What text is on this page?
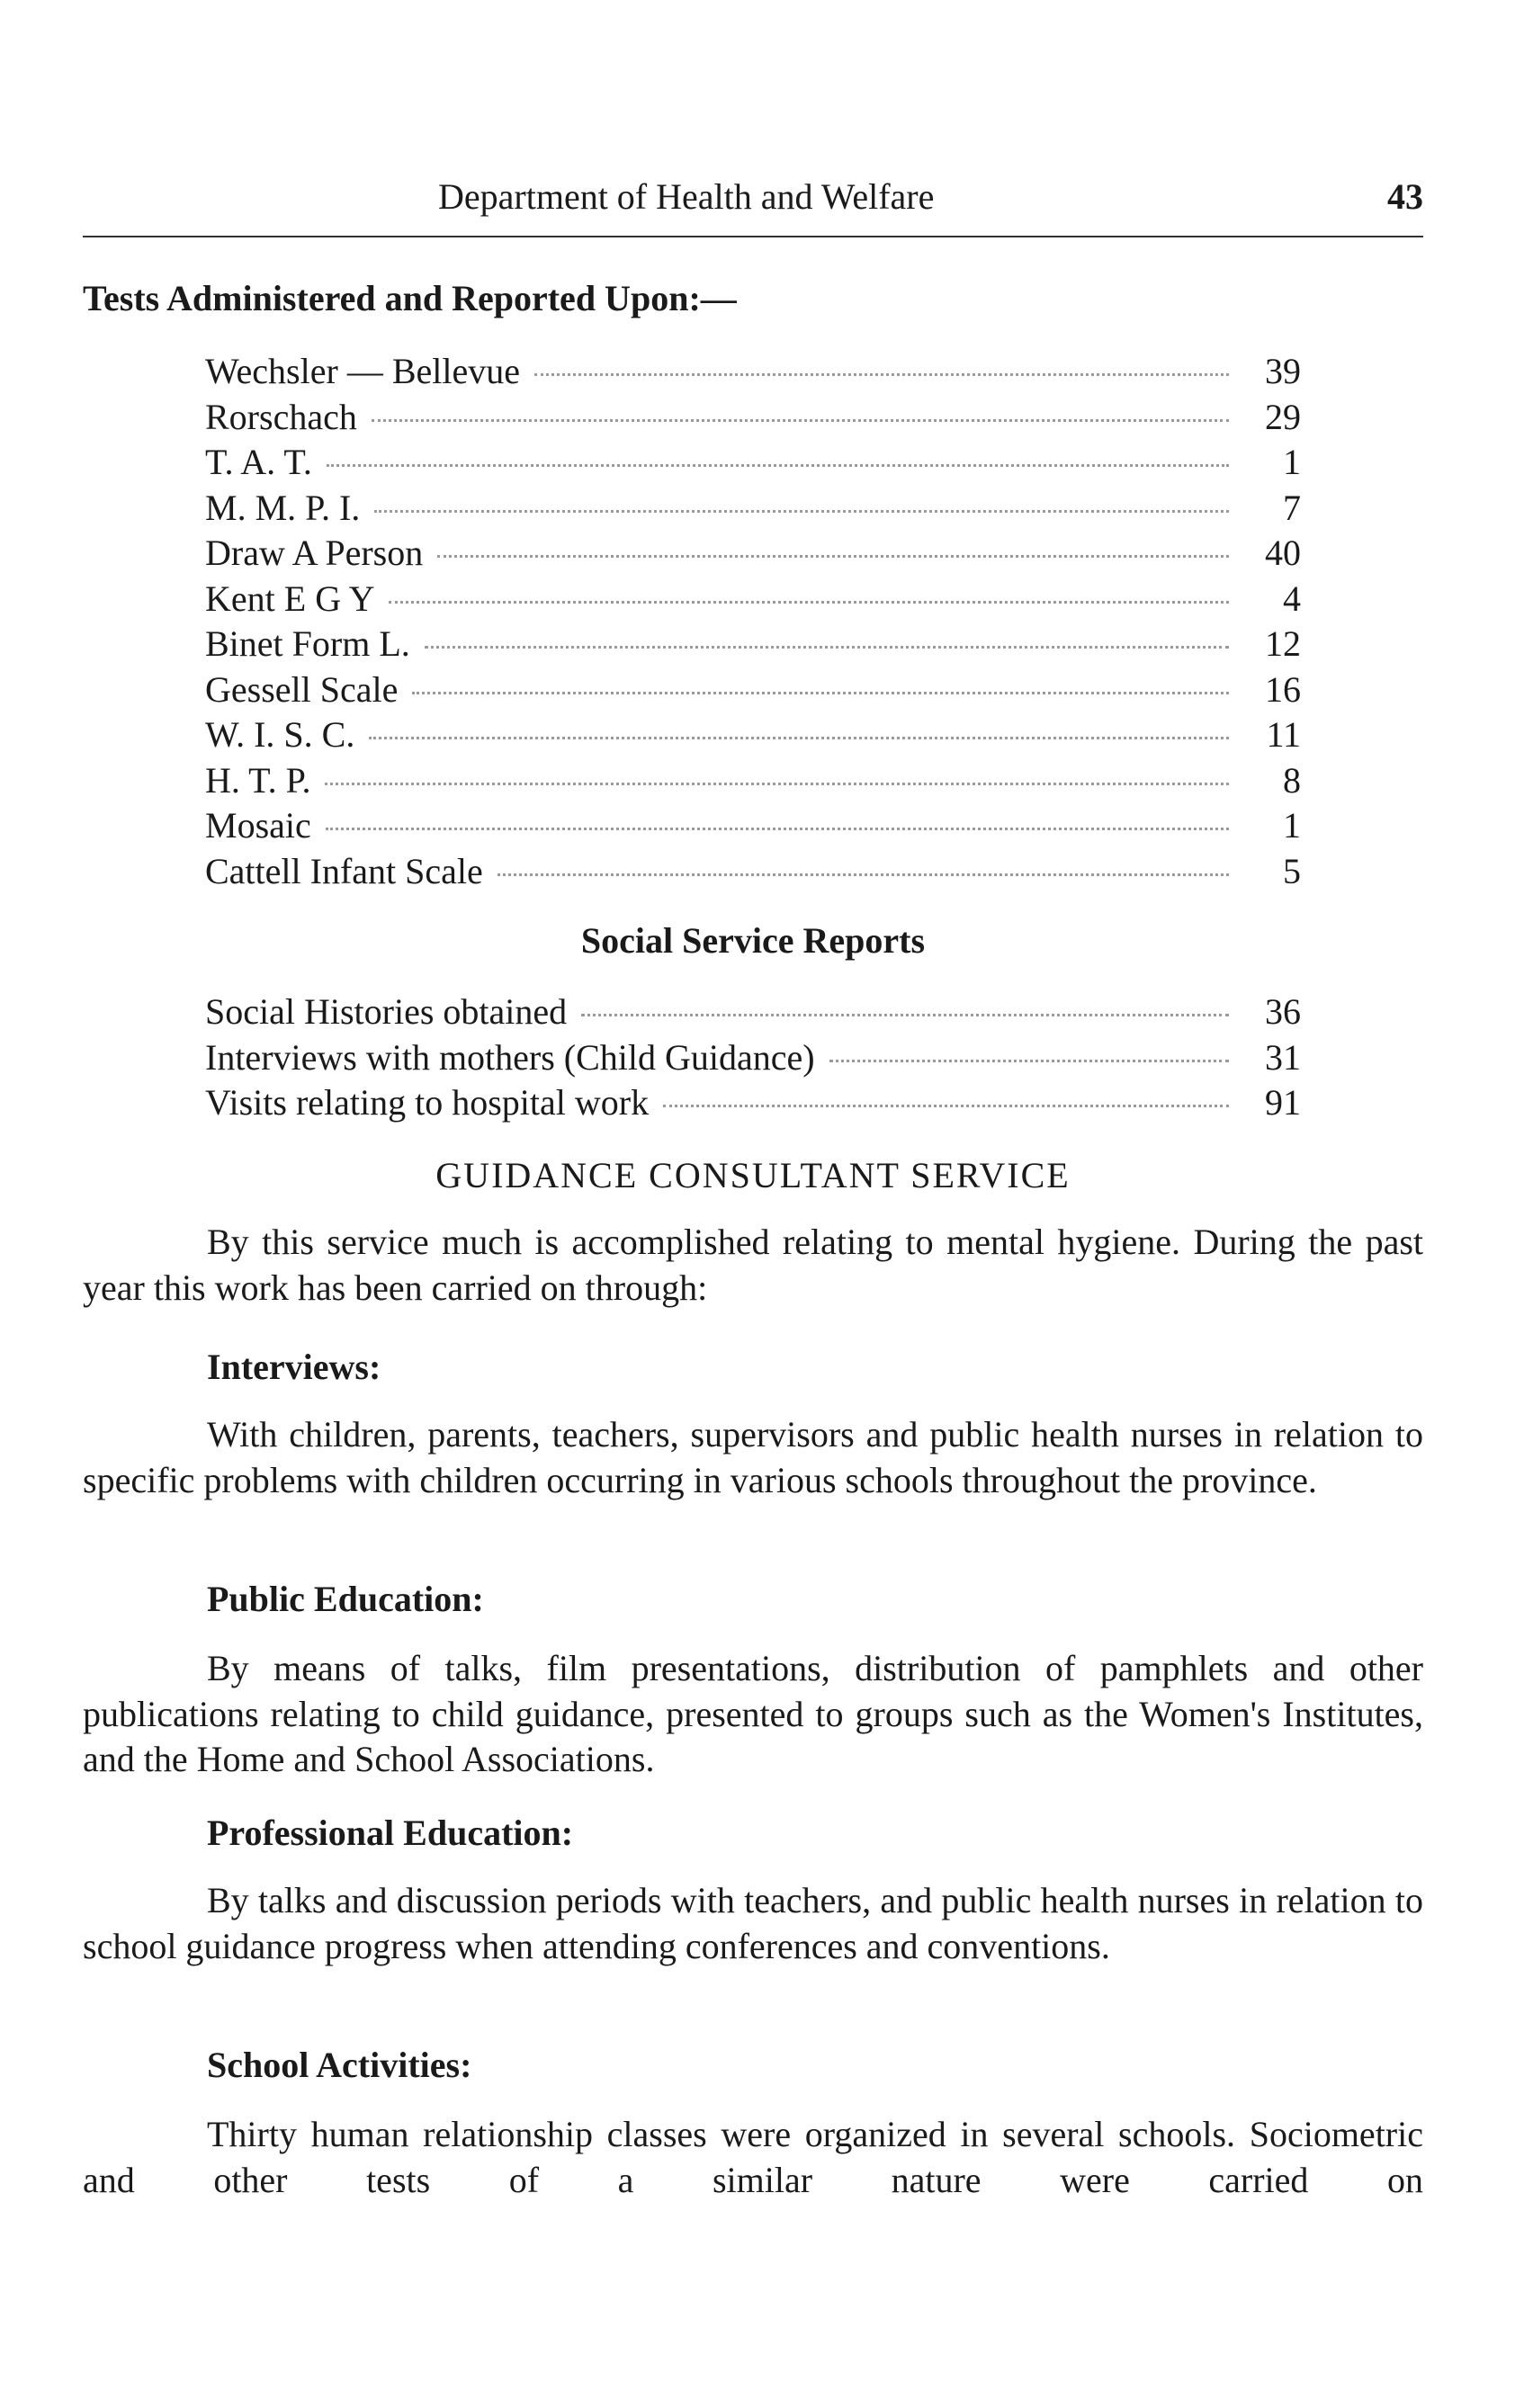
Department of Health and Welfare	43
Tests Administered and Reported Upon:—
Wechsler — Bellevue	39
Rorschach	29
T. A. T.	1
M. M. P. I.	7
Draw A Person	40
Kent E G Y	4
Binet Form L.	12
Gessell Scale	16
W. I. S. C.	11
H. T. P.	8
Mosaic	1
Cattell Infant Scale	5
Social Service Reports
Social Histories obtained	36
Interviews with mothers (Child Guidance)	31
Visits relating to hospital work	91
GUIDANCE CONSULTANT SERVICE
By this service much is accomplished relating to mental hygiene. During the past year this work has been carried on through:
Interviews:
With children, parents, teachers, supervisors and public health nurses in relation to specific problems with children occurring in various schools throughout the province.
Public Education:
By means of talks, film presentations, distribution of pamphlets and other publications relating to child guidance, presented to groups such as the Women's Institutes, and the Home and School Associations.
Professional Education:
By talks and discussion periods with teachers, and public health nurses in relation to school guidance progress when attending conferences and conventions.
School Activities:
Thirty human relationship classes were organized in several schools. Sociometric and other tests of a similar nature were carried on
